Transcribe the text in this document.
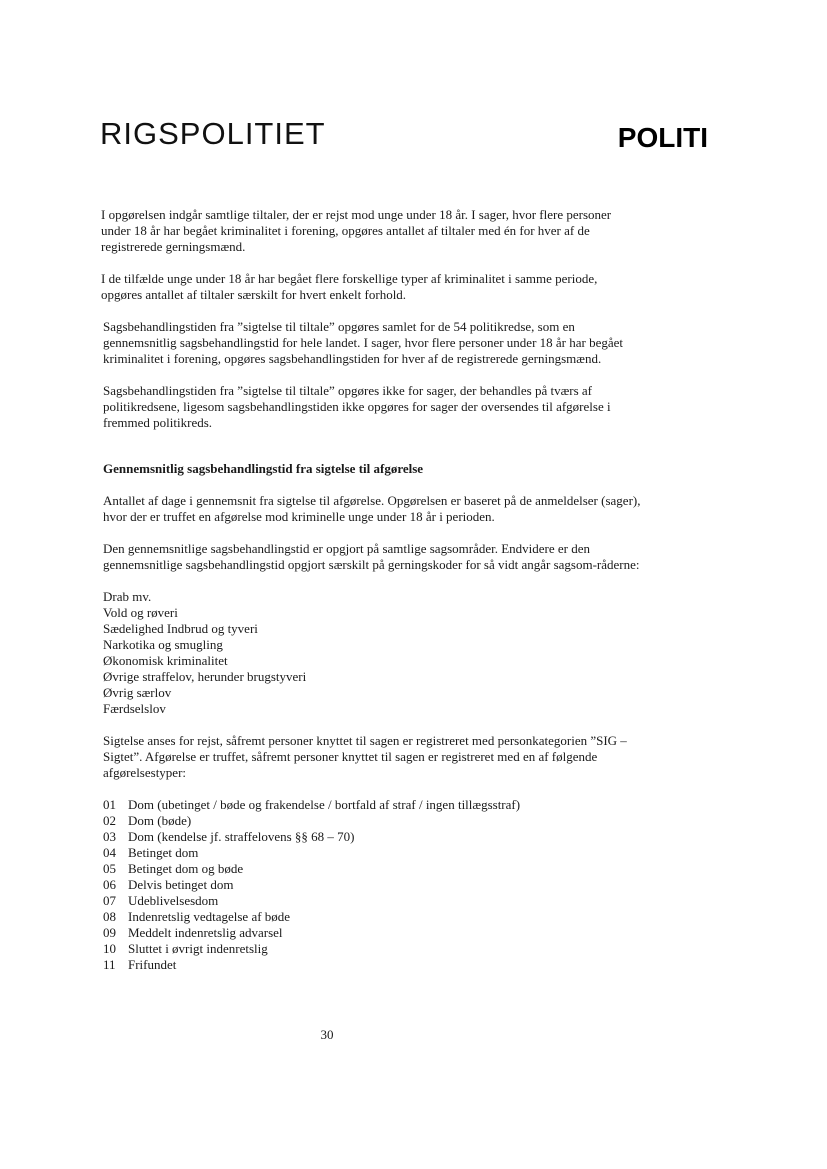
RIGSPOLITIET	POLITI

I opgørelsen indgår samtlige tiltaler, der er rejst mod unge under 18 år. I sager, hvor flere personer under 18 år har begået kriminalitet i forening, opgøres antallet af tiltaler med én for hver af de registrerede gerningsmænd.

I de tilfælde unge under 18 år har begået flere forskellige typer af kriminalitet i samme periode, opgøres antallet af tiltaler særskilt for hvert enkelt forhold.

Sagsbehandlingstiden fra ”sigtelse til tiltale” opgøres samlet for de 54 politikredse, som en gennemsnitlig sagsbehandlingstid for hele landet. I sager, hvor flere personer under 18 år har begået kriminalitet i forening, opgøres sagsbehandlingstiden for hver af de registrerede gerningsmænd.

Sagsbehandlingstiden fra ”sigtelse til tiltale” opgøres ikke for sager, der behandles på tværs af politikredsene, ligesom sagsbehandlingstiden ikke opgøres for sager der oversendes til afgørelse i fremmed politikreds.

Gennemsnitlig sagsbehandlingstid fra sigtelse til afgørelse

Antallet af dage i gennemsnit fra sigtelse til afgørelse. Opgørelsen er baseret på de anmeldelser (sager), hvor der er truffet en afgørelse mod kriminelle unge under 18 år i perioden.

Den gennemsnitlige sagsbehandlingstid er opgjort på samtlige sagsområder. Endvidere er den gennemsnitlige sagsbehandlingstid opgjort særskilt på gerningskoder for så vidt angår sagsom-råderne:

Drab mv.
Vold og røveri
Sædelighed Indbrud og tyveri
Narkotika og smugling
Økonomisk kriminalitet
Øvrige straffelov, herunder brugstyveri
Øvrig særlov
Færdselslov

Sigtelse anses for rejst, såfremt personer knyttet til sagen er registreret med personkategorien ”SIG – Sigtet”. Afgørelse er truffet, såfremt personer knyttet til sagen er registreret med en af følgende afgørelsestyper:

01 Dom (ubetinget / bøde og frakendelse / bortfald af straf / ingen tillægsstraf)
02 Dom (bøde)
03 Dom (kendelse jf. straffelovens §§ 68 – 70)
04 Betinget dom
05 Betinget dom og bøde
06 Delvis betinget dom
07 Udeblivelsesdom
08 Indenretslig vedtagelse af bøde
09 Meddelt indenretslig advarsel
10 Sluttet i øvrigt indenretslig
11 Frifundet
30
